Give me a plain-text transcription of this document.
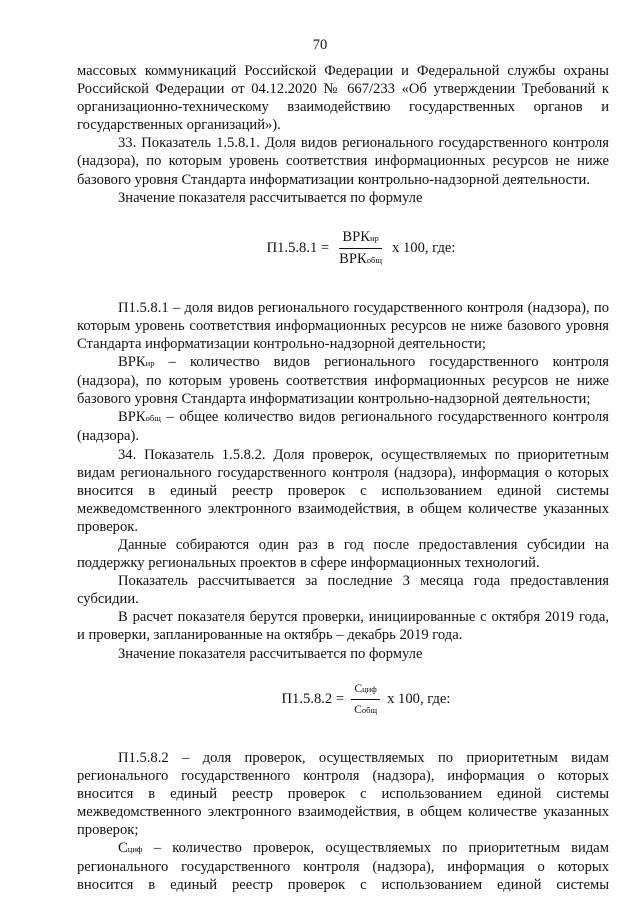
70

массовых коммуникаций Российской Федерации и Федеральной службы охраны Российской Федерации от 04.12.2020 № 667/233 «Об утверждении Требований к организационно-техническому взаимодействию государственных органов и государственных организаций»).

33. Показатель 1.5.8.1. Доля видов регионального государственного контроля (надзора), по которым уровень соответствия информационных ресурсов не ниже базового уровня Стандарта информатизации контрольно-надзорной деятельности.

Значение показателя рассчитывается по формуле

$П1.5.8.1 = \frac{\text{ВРКир}}{\text{ВРКобщ}}$ х 100, где:

П1.5.8.1 – доля видов регионального государственного контроля (надзора), по которым уровень соответствия информационных ресурсов не ниже базового уровня Стандарта информатизации контрольно-надзорной деятельности;

ВРКир – количество видов регионального государственного контроля (надзора), по которым уровень соответствия информационных ресурсов не ниже базового уровня Стандарта информатизации контрольно-надзорной деятельности;

ВРКобщ – общее количество видов регионального государственного контроля (надзора).

34. Показатель 1.5.8.2. Доля проверок, осуществляемых по приоритетным видам регионального государственного контроля (надзора), информация о которых вносится в единый реестр проверок с использованием единой системы межведомственного электронного взаимодействия, в общем количестве указанных проверок.

Данные собираются один раз в год после предоставления субсидии на поддержку региональных проектов в сфере информационных технологий.

Показатель рассчитывается за последние 3 месяца года предоставления субсидии.

В расчет показателя берутся проверки, инициированные с октября 2019 года, и проверки, запланированные на октябрь – декабрь 2019 года.

Значение показателя рассчитывается по формуле

$П1.5.8.2 = \frac{\text{Сциф}}{\text{Собщ}}$ х 100, где:

П1.5.8.2 – доля проверок, осуществляемых по приоритетным видам регионального государственного контроля (надзора), информация о которых вносится в единый реестр проверок с использованием единой системы межведомственного электронного взаимодействия, в общем количестве указанных проверок;

Сциф – количество проверок, осуществляемых по приоритетным видам регионального государственного контроля (надзора), информация о которых вносится в единый реестр проверок с использованием единой системы
